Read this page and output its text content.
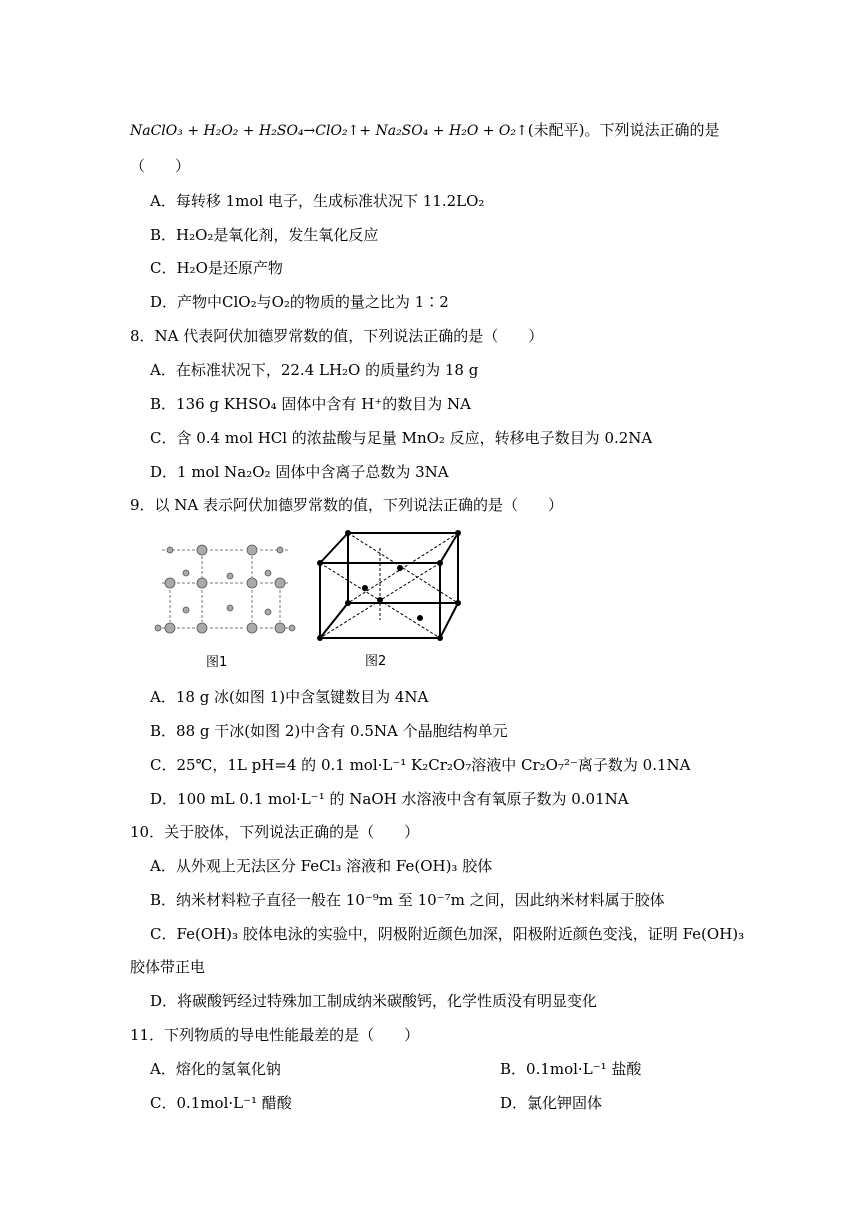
NaClO₃ + H₂O₂ + H₂SO₄→ClO₂↑+ Na₂SO₄ + H₂O + O₂↑(未配平)。下列说法正确的是
（　　）
A．每转移 1mol 电子，生成标准状况下 11.2LO₂
B．H₂O₂是氧化剂，发生氧化反应
C．H₂O是还原产物
D．产物中ClO₂与O₂的物质的量之比为 1∶2
8．NA 代表阿伏加德罗常数的值，下列说法正确的是（　　）
A．在标准状况下，22.4 LH₂O 的质量约为 18 g
B．136 g KHSO₄ 固体中含有 H⁺的数目为 NA
C．含 0.4 mol HCl 的浓盐酸与足量 MnO₂ 反应，转移电子数目为 0.2NA
D．1 mol Na₂O₂ 固体中含离子总数为 3NA
9．以 NA 表示阿伏加德罗常数的值，下列说法正确的是（　　）
图1	图2
A．18 g 冰(如图 1)中含氢键数目为 4NA
B．88 g 干冰(如图 2)中含有 0.5NA 个晶胞结构单元
C．25℃，1L pH=4 的 0.1 mol·L⁻¹ K₂Cr₂O₇溶液中 Cr₂O₇²⁻离子数为 0.1NA
D．100 mL 0.1 mol·L⁻¹ 的 NaOH 水溶液中含有氧原子数为 0.01NA
10．关于胶体，下列说法正确的是（　　）
A．从外观上无法区分 FeCl₃ 溶液和 Fe(OH)₃ 胶体
B．纳米材料粒子直径一般在 10⁻⁹m 至 10⁻⁷m 之间，因此纳米材料属于胶体
C．Fe(OH)₃ 胶体电泳的实验中，阴极附近颜色加深，阳极附近颜色变浅，证明 Fe(OH)₃
胶体带正电
D．将碳酸钙经过特殊加工制成纳米碳酸钙，化学性质没有明显变化
11．下列物质的导电性能最差的是（　　）
A．熔化的氢氧化钠	B．0.1mol·L⁻¹ 盐酸
C．0.1mol·L⁻¹ 醋酸	D．氯化钾固体
